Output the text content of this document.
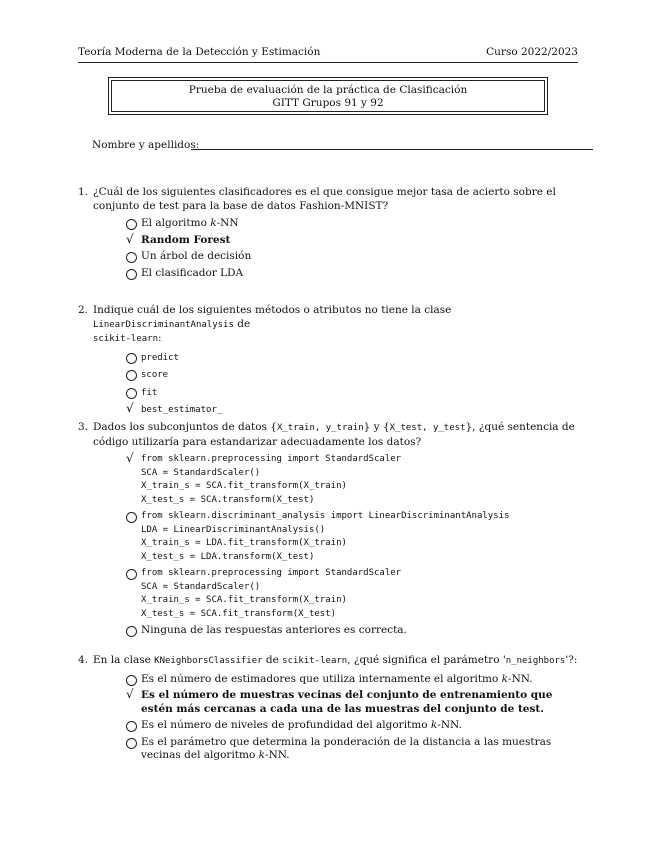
Teoría Moderna de la Detección y Estimación	Curso 2022/2023
Prueba de evaluación de la práctica de Clasificación
GITT Grupos 91 y 92
Nombre y apellidos:
1. ¿Cuál de los siguientes clasificadores es el que consigue mejor tasa de acierto sobre el conjunto de test para la base de datos Fashion-MNIST?
El algoritmo k-NN
√ Random Forest
Un árbol de decisión
El clasificador LDA
2. Indique cuál de los siguientes métodos o atributos no tiene la clase LinearDiscriminantAnalysis de
scikit-learn:
predict
score
fit
√ best_estimator_
3. Dados los subconjuntos de datos {X_train, y_train} y {X_test, y_test}, ¿qué sentencia de código utilizaría para estandarizar adecuadamente los datos?
√ from sklearn.preprocessing import StandardScaler
SCA = StandardScaler()
X_train_s = SCA.fit_transform(X_train)
X_test_s = SCA.transform(X_test)
from sklearn.discriminant_analysis import LinearDiscriminantAnalysis
LDA = LinearDiscriminantAnalysis()
X_train_s = LDA.fit_transform(X_train)
X_test_s = LDA.transform(X_test)
from sklearn.preprocessing import StandardScaler
SCA = StandardScaler()
X_train_s = SCA.fit_transform(X_train)
X_test_s = SCA.fit_transform(X_test)
Ninguna de las respuestas anteriores es correcta.
4. En la clase KNeighborsClassifier de scikit-learn, ¿qué significa el parámetro 'n_neighbors'?:
Es el número de estimadores que utiliza internamente el algoritmo k-NN.
√ Es el número de muestras vecinas del conjunto de entrenamiento que estén más cercanas a cada una de las muestras del conjunto de test.
Es el número de niveles de profundidad del algoritmo k-NN.
Es el parámetro que determina la ponderación de la distancia a las muestras vecinas del algoritmo k-NN.
